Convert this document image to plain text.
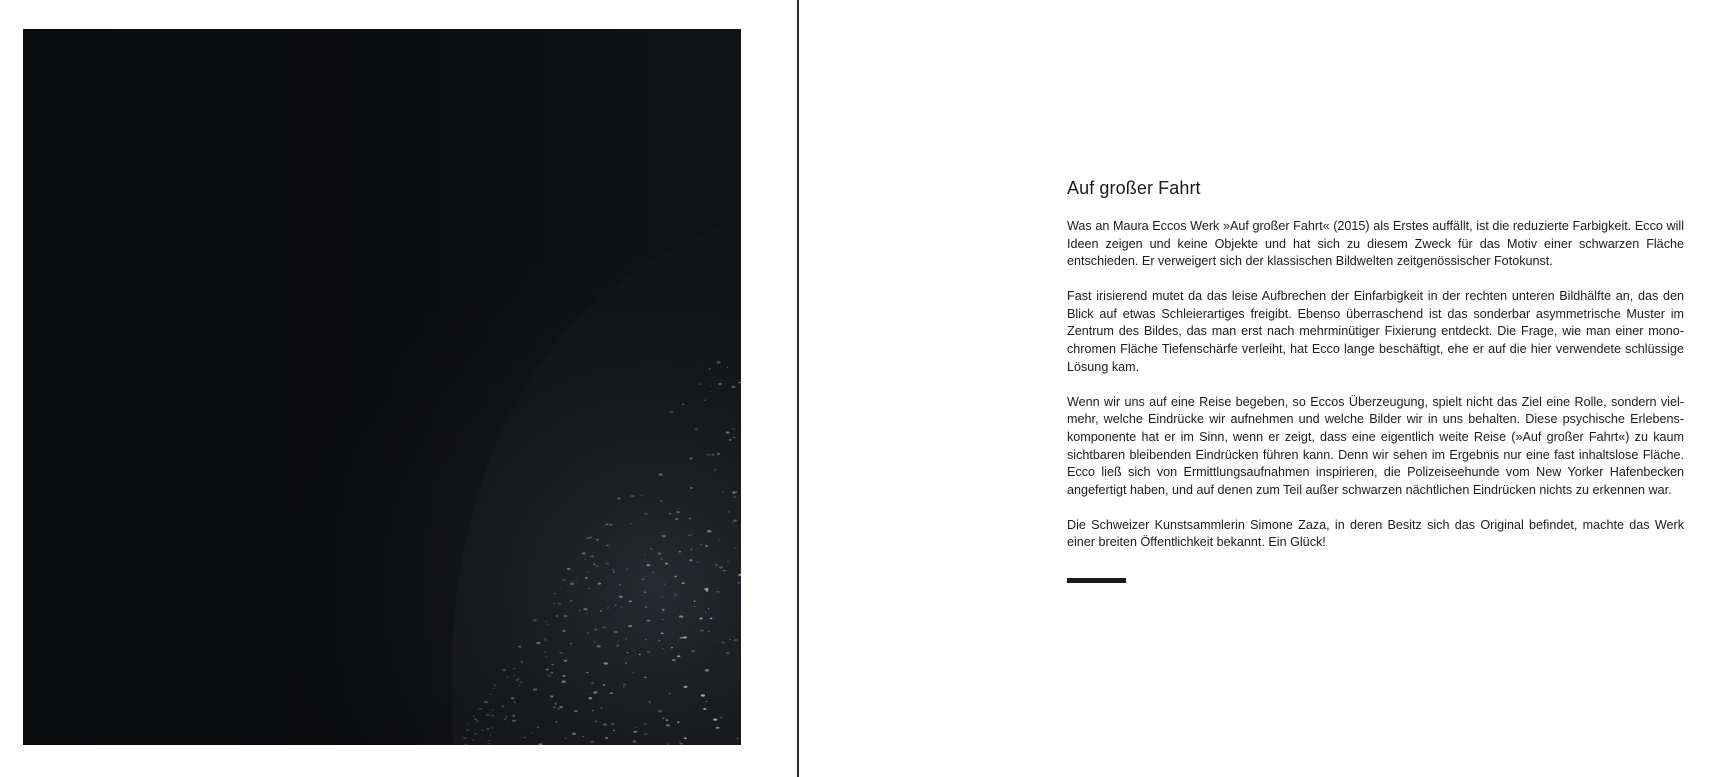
Auf großer Fahrt

Was an Maura Eccos Werk »Auf großer Fahrt« (2015) als Erstes auffällt, ist die reduzierte Farbigkeit. Ecco will Ideen zeigen und keine Objekte und hat sich zu diesem Zweck für das Motiv einer schwarzen Fläche entschieden. Er verweigert sich der klassischen Bildwelten zeitgenössischer Fotokunst.

Fast irisierend mutet da das leise Aufbrechen der Einfarbigkeit in der rechten unteren Bildhälfte an, das den Blick auf etwas Schleierartiges freigibt. Ebenso überraschend ist das sonderbar asymmetrische Muster im Zentrum des Bildes, das man erst nach mehrminütiger Fixierung entdeckt. Die Frage, wie man einer monochromen Fläche Tiefenschärfe verleiht, hat Ecco lange beschäftigt, ehe er auf die hier verwendete schlüssige Lösung kam.

Wenn wir uns auf eine Reise begeben, so Eccos Überzeugung, spielt nicht das Ziel eine Rolle, sondern vielmehr, welche Eindrücke wir aufnehmen und welche Bilder wir in uns behalten. Diese psychische Erlebenskomponente hat er im Sinn, wenn er zeigt, dass eine eigentlich weite Reise (»Auf großer Fahrt«) zu kaum sichtbaren bleibenden Eindrücken führen kann. Denn wir sehen im Ergebnis nur eine fast inhaltslose Fläche. Ecco ließ sich von Ermittlungsaufnahmen inspirieren, die Polizeiseehunde vom New Yorker Hafenbecken angefertigt haben, und auf denen zum Teil außer schwarzen nächtlichen Eindrücken nichts zu erkennen war.

Die Schweizer Kunstsammlerin Simone Zaza, in deren Besitz sich das Original befindet, machte das Werk einer breiten Öffentlichkeit bekannt. Ein Glück!
